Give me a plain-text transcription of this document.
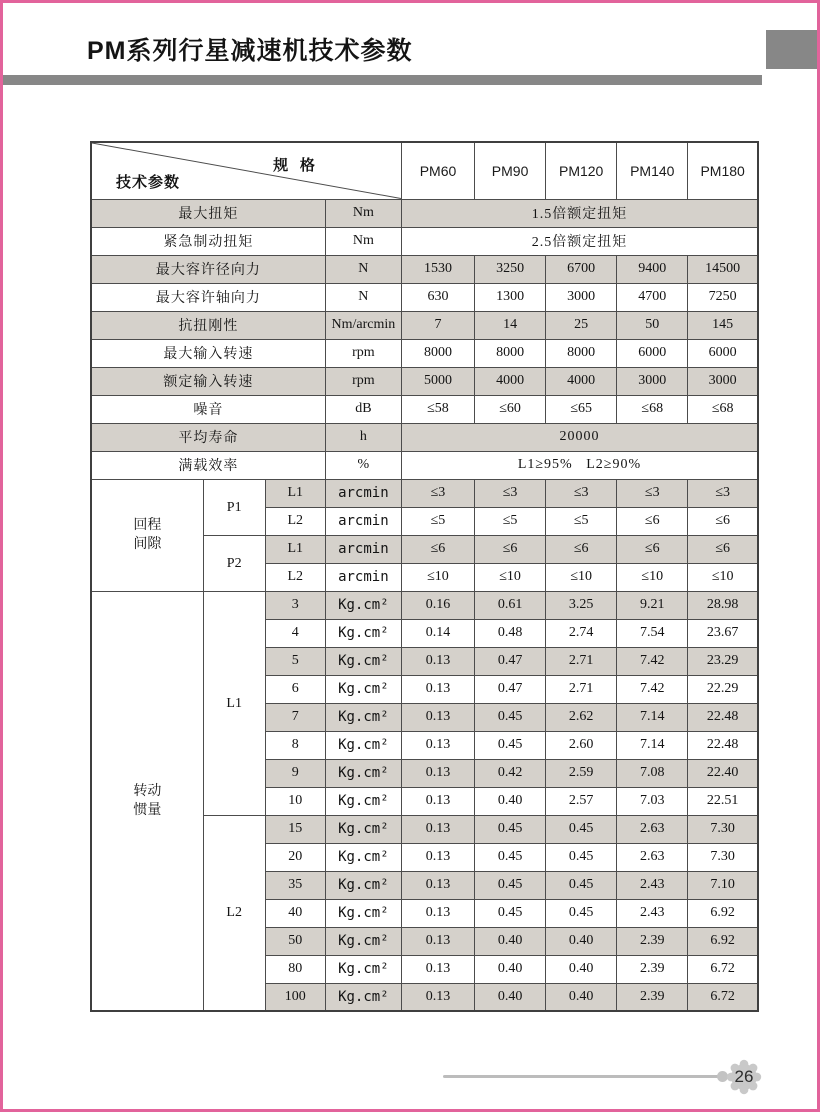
PM系列行星减速机技术参数
规 格
技术参数				PM60	PM90	PM120	PM140	PM180
最大扭矩			Nm	1.5倍额定扭矩				
紧急制动扭矩			Nm	2.5倍额定扭矩				
最大容许径向力			N	1530	3250	6700	9400	14500
最大容许轴向力			N	630	1300	3000	4700	7250
抗扭刚性			Nm/arcmin	7	14	25	50	145
最大输入转速			rpm	8000	8000	8000	6000	6000
额定输入转速			rpm	5000	4000	4000	3000	3000
噪音			dB	≤58	≤60	≤65	≤68	≤68
平均寿命			h	20000				
满载效率			%	L1≥95%   L2≥90%				

回程
间隙	P1	L1	arcmin	≤3	≤3	≤3	≤3	≤3
		L2	arcmin	≤5	≤5	≤5	≤6	≤6
	P2	L1	arcmin	≤6	≤6	≤6	≤6	≤6
		L2	arcmin	≤10	≤10	≤10	≤10	≤10

转动
惯量	L1	3	Kg.cm²	0.16	0.61	3.25	9.21	28.98
		4	Kg.cm²	0.14	0.48	2.74	7.54	23.67
		5	Kg.cm²	0.13	0.47	2.71	7.42	23.29
		6	Kg.cm²	0.13	0.47	2.71	7.42	22.29
		7	Kg.cm²	0.13	0.45	2.62	7.14	22.48
		8	Kg.cm²	0.13	0.45	2.60	7.14	22.48
		9	Kg.cm²	0.13	0.42	2.59	7.08	22.40
		10	Kg.cm²	0.13	0.40	2.57	7.03	22.51
	L2	15	Kg.cm²	0.13	0.45	0.45	2.63	7.30
		20	Kg.cm²	0.13	0.45	0.45	2.63	7.30
		35	Kg.cm²	0.13	0.45	0.45	2.43	7.10
		40	Kg.cm²	0.13	0.45	0.45	2.43	6.92
		50	Kg.cm²	0.13	0.40	0.40	2.39	6.92
		80	Kg.cm²	0.13	0.40	0.40	2.39	6.72
		100	Kg.cm²	0.13	0.40	0.40	2.39	6.72
26
